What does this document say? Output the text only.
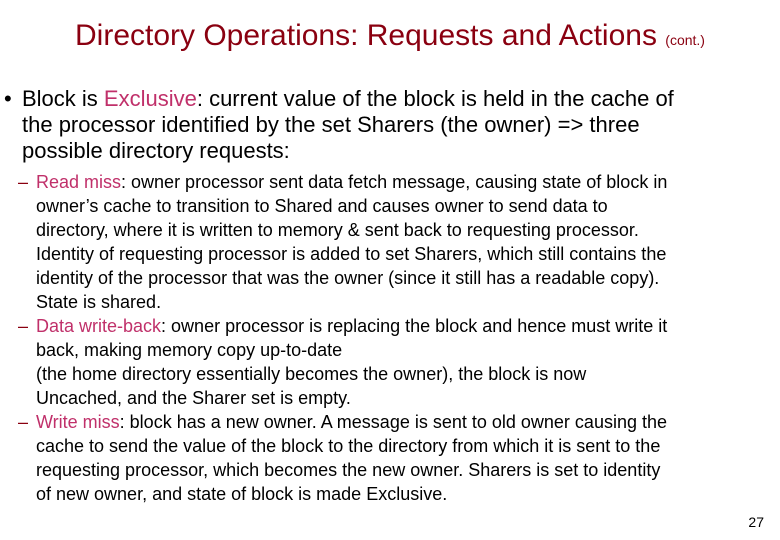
Directory Operations: Requests and Actions (cont.)
• Block is Exclusive: current value of the block is held in the cache of
the processor identified by the set Sharers (the owner) => three
possible directory requests:
– Read miss: owner processor sent data fetch message, causing state of block in
owner’s cache to transition to Shared and causes owner to send data to
directory, where it is written to memory & sent back to requesting processor.
Identity of requesting processor is added to set Sharers, which still contains the
identity of the processor that was the owner (since it still has a readable copy).
State is shared.
– Data write-back: owner processor is replacing the block and hence must write it
back, making memory copy up-to-date
(the home directory essentially becomes the owner), the block is now
Uncached, and the Sharer set is empty.
– Write miss: block has a new owner. A message is sent to old owner causing the
cache to send the value of the block to the directory from which it is sent to the
requesting processor, which becomes the new owner. Sharers is set to identity
of new owner, and state of block is made Exclusive.
27
